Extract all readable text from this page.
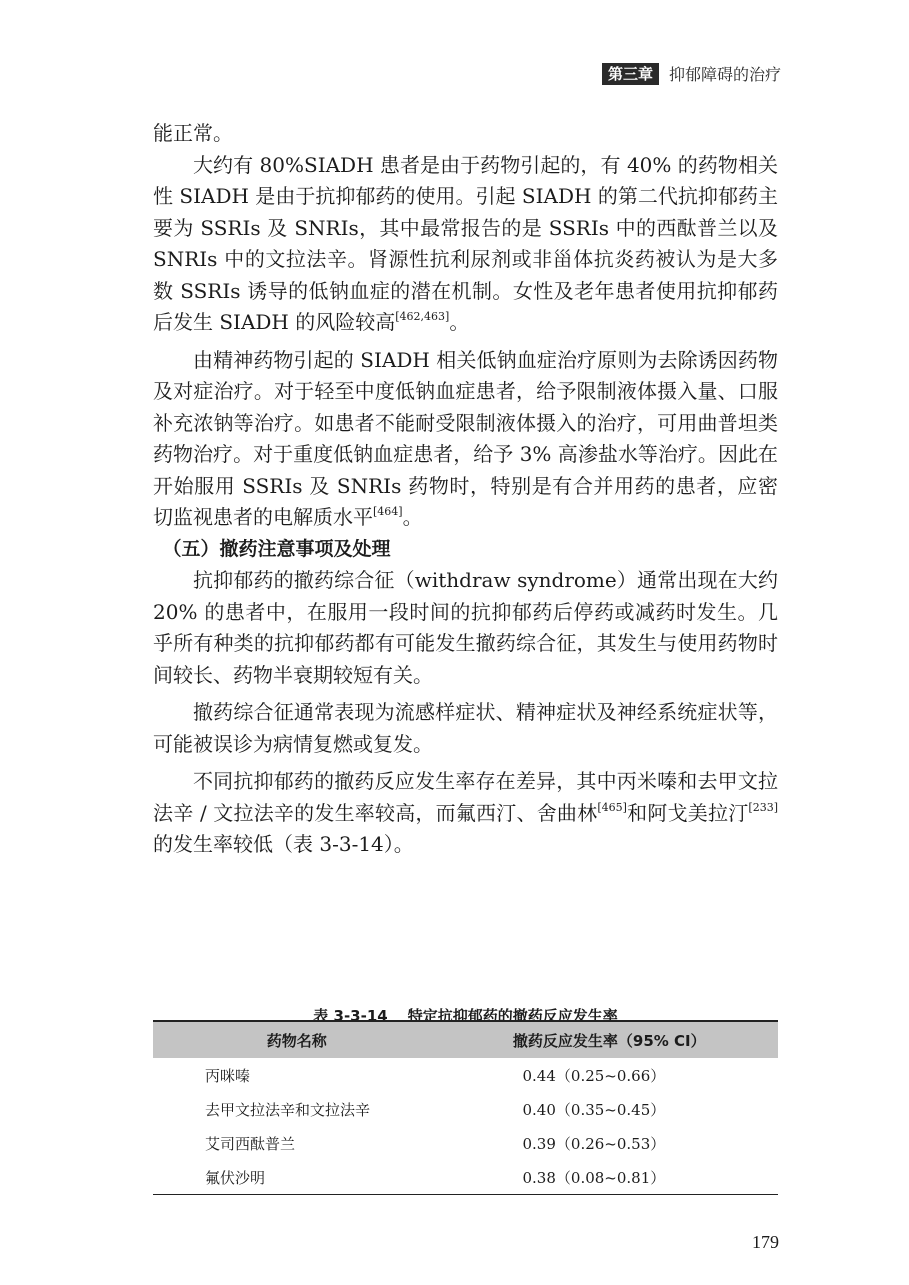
第三章	抑郁障碍的治疗

能正常。

大约有 80%SIADH 患者是由于药物引起的，有 40% 的药物相关性 SIADH 是由于抗抑郁药的使用。引起 SIADH 的第二代抗抑郁药主要为 SSRIs 及 SNRIs，其中最常报告的是 SSRIs 中的西酞普兰以及 SNRIs 中的文拉法辛。肾源性抗利尿剂或非甾体抗炎药被认为是大多数 SSRIs 诱导的低钠血症的潜在机制。女性及老年患者使用抗抑郁药后发生 SIADH 的风险较高[462,463]。

由精神药物引起的 SIADH 相关低钠血症治疗原则为去除诱因药物及对症治疗。对于轻至中度低钠血症患者，给予限制液体摄入量、口服补充浓钠等治疗。如患者不能耐受限制液体摄入的治疗，可用曲普坦类药物治疗。对于重度低钠血症患者，给予 3% 高渗盐水等治疗。因此在开始服用 SSRIs 及 SNRIs 药物时，特别是有合并用药的患者，应密切监视患者的电解质水平[464]。

（五）撤药注意事项及处理

抗抑郁药的撤药综合征（withdraw syndrome）通常出现在大约 20% 的患者中，在服用一段时间的抗抑郁药后停药或减药时发生。几乎所有种类的抗抑郁药都有可能发生撤药综合征，其发生与使用药物时间较长、药物半衰期较短有关。

撤药综合征通常表现为流感样症状、精神症状及神经系统症状等，可能被误诊为病情复燃或复发。

不同抗抑郁药的撤药反应发生率存在差异，其中丙米嗪和去甲文拉法辛 / 文拉法辛的发生率较高，而氟西汀、舍曲林[465]和阿戈美拉汀[233]的发生率较低（表 3-3-14）。

表 3-3-14 特定抗抑郁药的撤药反应发生率
药物名称	撤药反应发生率（95% CI）
丙咪嗪	0.44（0.25~0.66）
去甲文拉法辛和文拉法辛	0.40（0.35~0.45）
艾司西酞普兰	0.39（0.26~0.53）
氟伏沙明	0.38（0.08~0.81）
179
